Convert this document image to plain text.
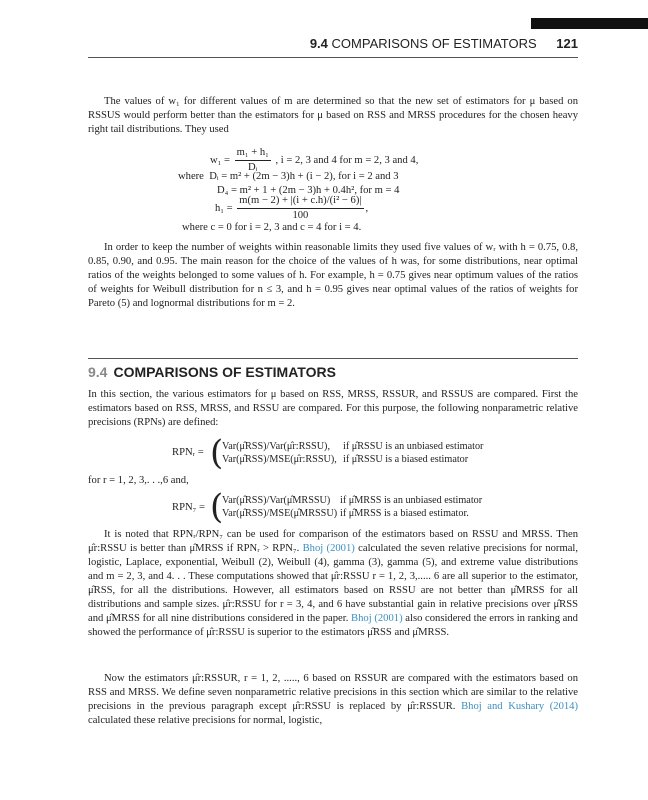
9.4 COMPARISONS OF ESTIMATORS 121
The values of w₁ for different values of m are determined so that the new set of estimators for μ based on RSSUS would perform better than the estimators for μ based on RSS and MRSS procedures for the chosen heavy right tail distributions. They used
$w_1 = \frac{\text{m₁ + h₁}}{\text{Dᵢ}}$ , i = 2, 3 and 4 for m = 2, 3 and 4,
where Dᵢ = m² + (2m − 3)h + (i − 2), for i = 2 and 3
D₄ = m² + 1 + (2m − 3)h + 0.4h², for m = 4
$h_1 = \frac{\text{m(m − 2) + |(i + c.h)/(i² − 6)|}}{100}$ ,
where c = 0 for i = 2, 3 and c = 4 for i = 4.
In order to keep the number of weights within reasonable limits they used five values of wᵣ with h = 0.75, 0.8, 0.85, 0.90, and 0.95. The main reason for the choice of the values of h was, for some distributions, near optimal ratios of the weights belonged to some values of h. For example, h = 0.75 gives near optimum values of the ratios of weights for Weibull distribution for n ≤ 3, and h = 0.95 gives near optimal values of the ratios of weights for Pareto (5) and lognormal distributions for m = 2.
9.4 COMPARISONS OF ESTIMATORS
In this section, the various estimators for μ based on RSS, MRSS, RSSUR, and RSSUS are compared. First the estimators based on RSS, MRSS, and RSSU are compared. For this purpose, the following nonparametric relative precisions (RPNs) are defined:
RPNᵣ = (
Var(μ̂RSS)/Var(μ̂r:RSSU), if μ̂RSSU is an unbiased estimator
Var(μ̂RSS)/MSE(μ̂r:RSSU), if μ̂RSSU is a biased estimator
for r = 1, 2, 3,. . .,6 and,
RPN₇ = (
Var(μ̂RSS)/Var(μ̂MRSSU) if μ̂MRSS is an unbiased estimator
Var(μ̂RSS)/MSE(μ̂MRSSU) if μ̂MRSS is a biased estimator.
It is noted that RPNᵣ/RPN₇ can be used for comparison of the estimators based on RSSU and MRSS. Then μ̂r:RSSU is better than μ̂MRSS if RPNᵣ > RPN₇. Bhoj (2001) calculated the seven relative precisions for normal, logistic, Laplace, exponential, Weibull (2), Weibull (4), gamma (3), gamma (5), and extreme value distributions and m = 2, 3, and 4. . . These computations showed that μ̂r:RSSU r = 1, 2, 3,..... 6 are all superior to the estimator, μ̂RSS, for all the distributions. However, all estimators based on RSSU are not better than μ̂MRSS for all distributions and sample sizes. μ̂r:RSSU for r = 3, 4, and 6 have substantial gain in relative precisions over μ̂RSS and μ̂MRSS for all nine distributions considered in the paper. Bhoj (2001) also considered the errors in ranking and showed the performance of μ̂r:RSSU is superior to the estimators μ̂RSS and μ̂MRSS.
Now the estimators μ̂r:RSSUR, r = 1, 2, ....., 6 based on RSSUR are compared with the estimators based on RSS and MRSS. We define seven nonparametric relative precisions in this section which are similar to the relative precisions in the previous paragraph except μ̂r:RSSU is replaced by μ̂r:RSSUR. Bhoj and Kushary (2014) calculated these relative precisions for normal, logistic,
